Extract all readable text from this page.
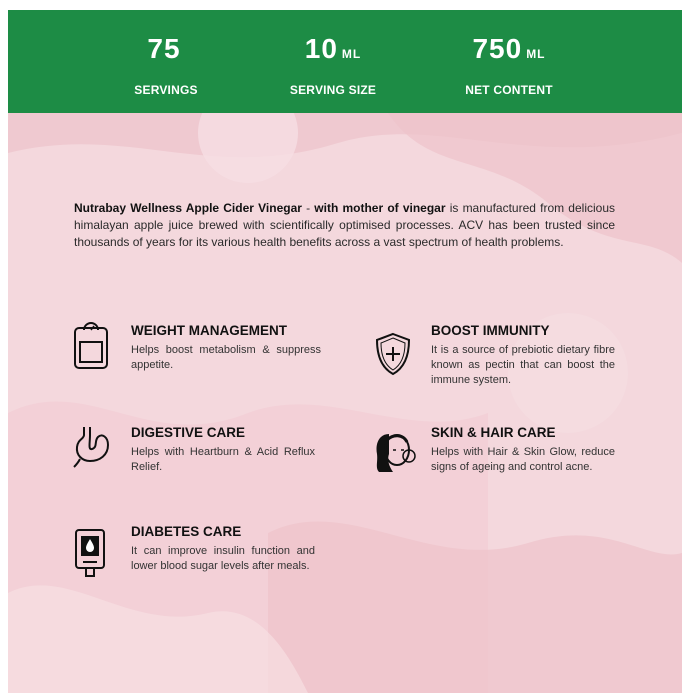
75
SERVINGS
10 ML
SERVING SIZE
750 ML
NET CONTENT
Nutrabay Wellness Apple Cider Vinegar - with mother of vinegar is manufactured from delicious himalayan apple juice brewed with scientifically optimised processes. ACV has been trusted since thousands of years for its various health benefits across a vast spectrum of health problems.
WEIGHT MANAGEMENT
Helps boost metabolism & suppress appetite.
BOOST IMMUNITY
It is a source of prebiotic dietary fibre known as pectin that can boost the immune system.
DIGESTIVE CARE
Helps with Heartburn & Acid Reflux Relief.
SKIN & HAIR CARE
Helps with Hair & Skin Glow, reduce signs of ageing and control acne.
DIABETES CARE
It can improve insulin function and lower blood sugar levels after meals.
